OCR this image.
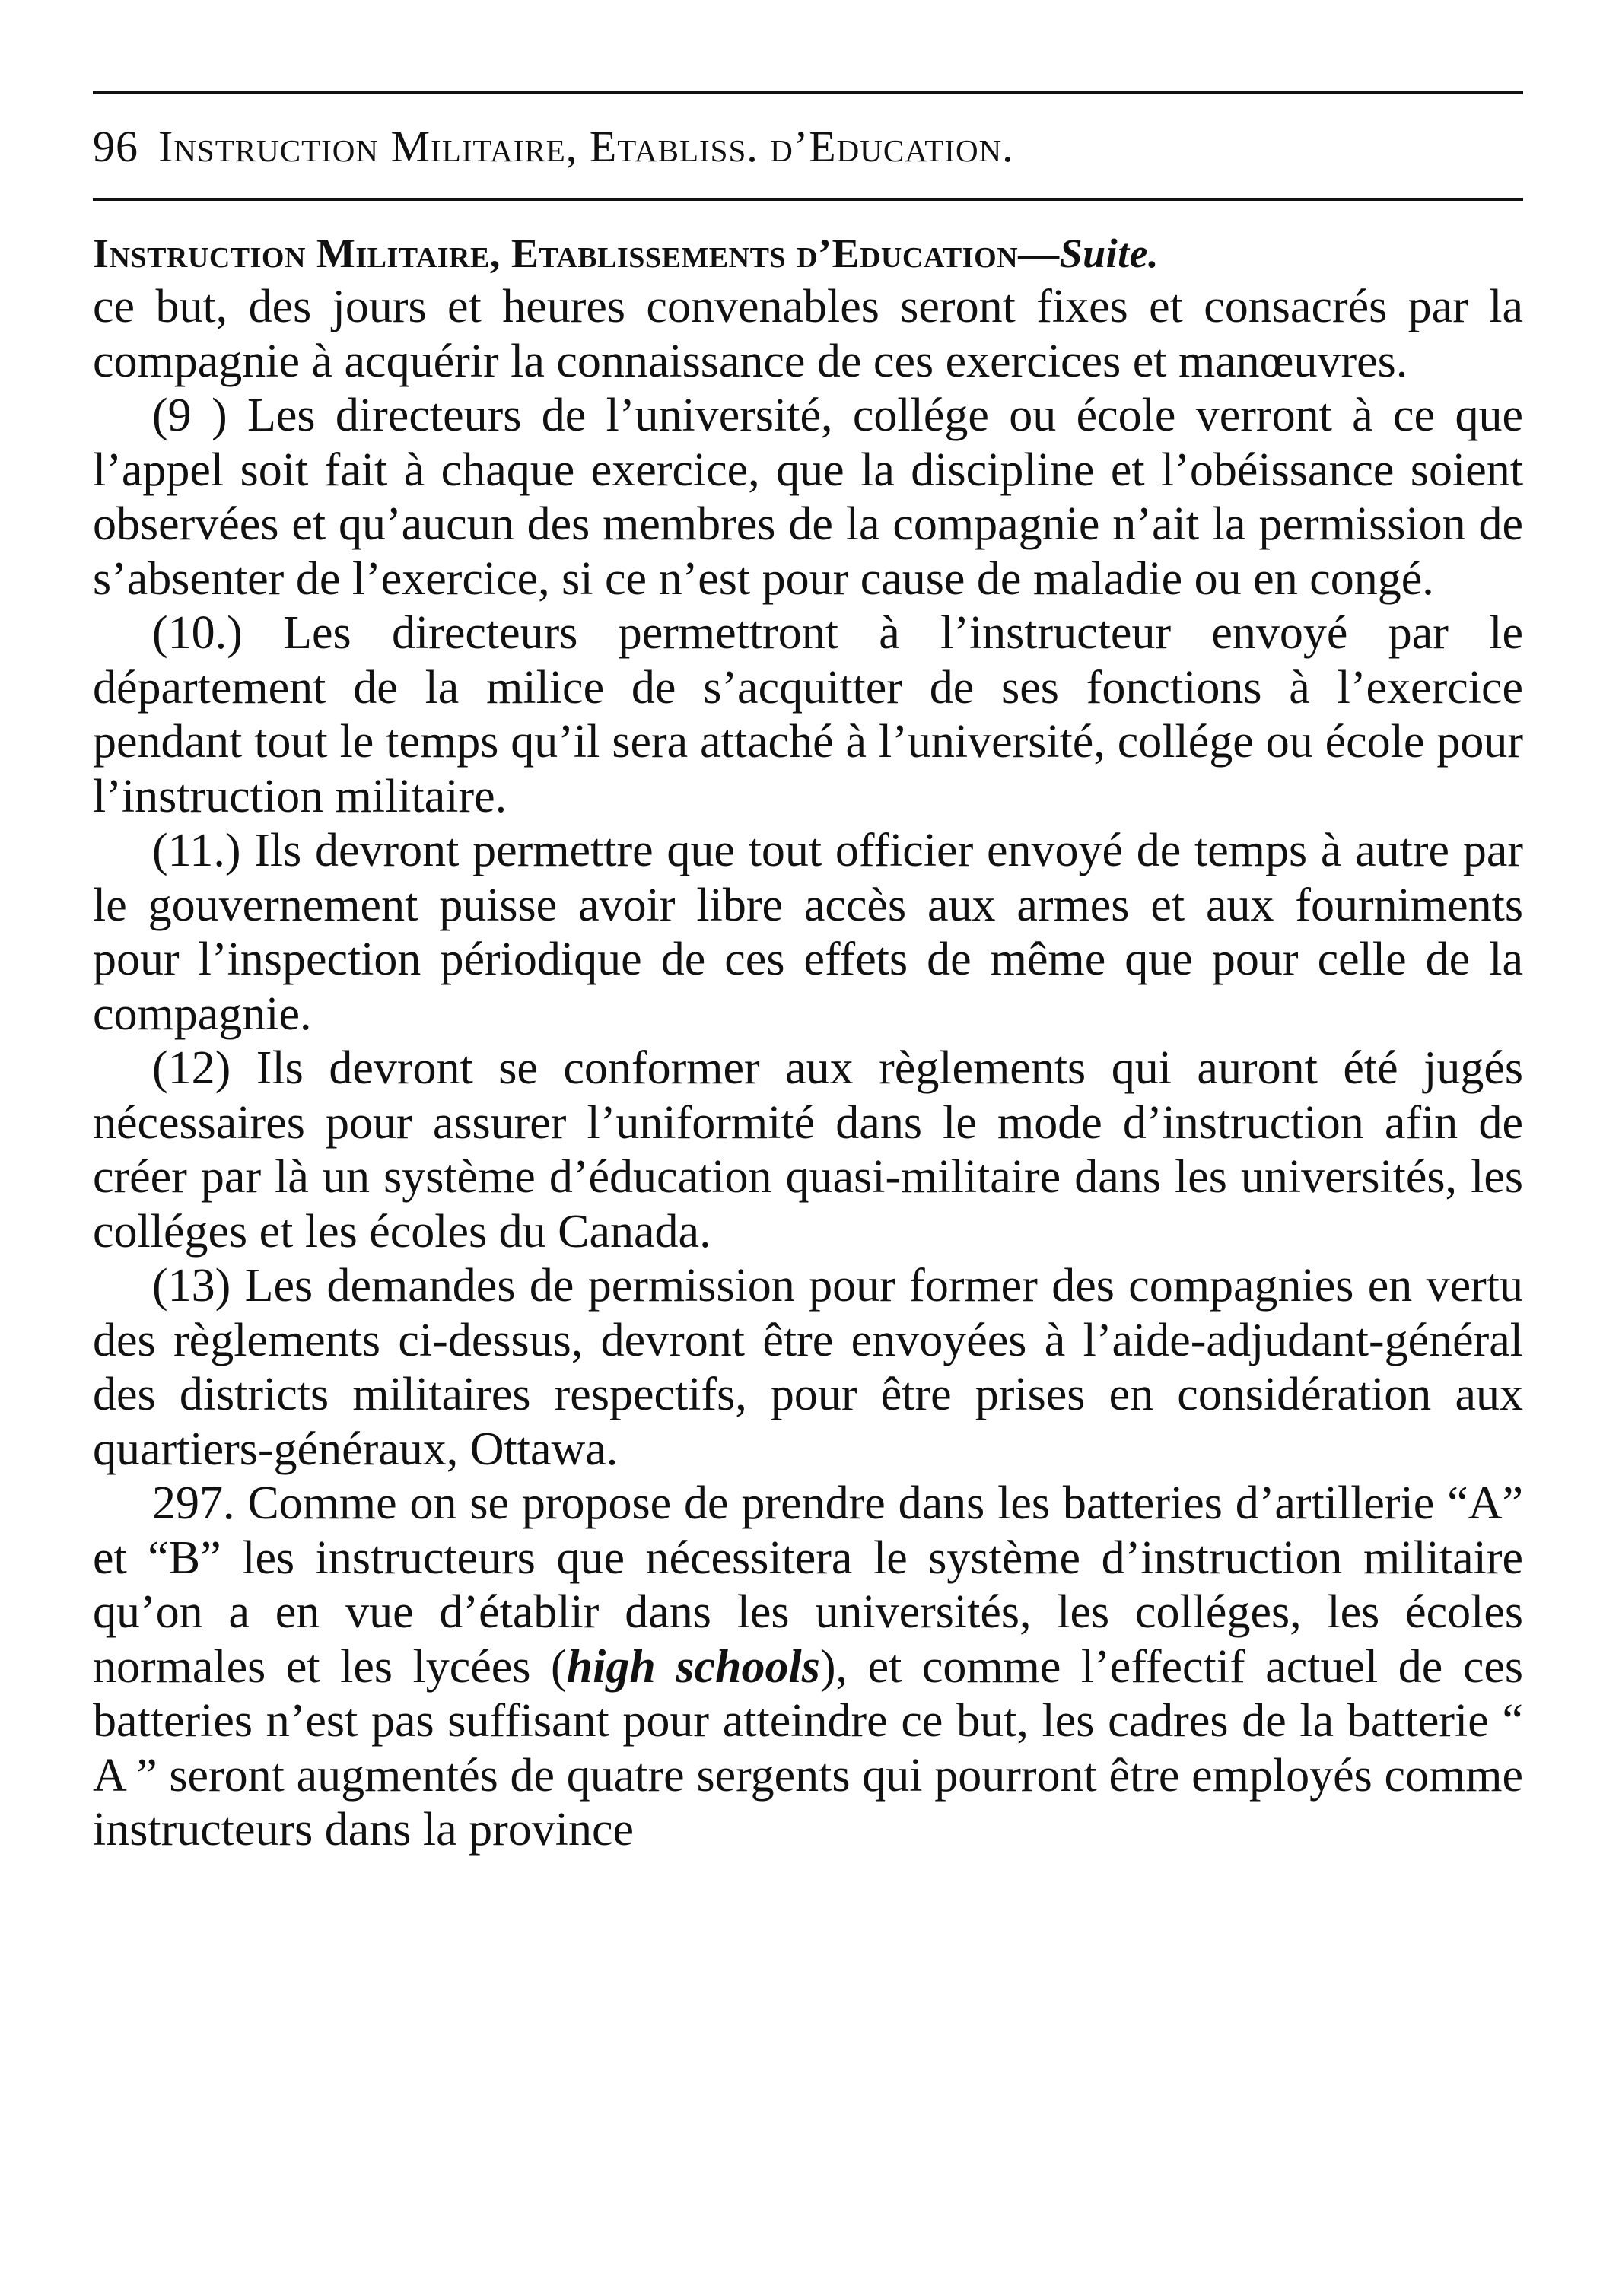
96 Instruction Militaire, Etabliss. d’Education.
Instruction Militaire, Etablissements d’Education—Suite.

ce but, des jours et heures convenables seront fixes et consacrés par la compagnie à acquérir la connaissance de ces exercices et manœuvres.

(9 ) Les directeurs de l’université, collége ou école verront à ce que l’appel soit fait à chaque exercice, que la discipline et l’obéissance soient observées et qu’aucun des membres de la compagnie n’ait la permission de s’absenter de l’exercice, si ce n’est pour cause de maladie ou en congé.

(10.) Les directeurs permettront à l’instructeur envoyé par le département de la milice de s’acquitter de ses fonctions à l’exercice pendant tout le temps qu’il sera attaché à l’université, collége ou école pour l’instruction militaire.

(11.) Ils devront permettre que tout officier envoyé de temps à autre par le gouvernement puisse avoir libre accès aux armes et aux fourniments pour l’inspection périodique de ces effets de même que pour celle de la compagnie.

(12) Ils devront se conformer aux règlements qui auront été jugés nécessaires pour assurer l’uniformité dans le mode d’instruction afin de créer par là un système d’éducation quasi-militaire dans les universités, les colléges et les écoles du Canada.

(13) Les demandes de permission pour former des compagnies en vertu des règlements ci-dessus, devront être envoyées à l’aide-adjudant-général des districts militaires respectifs, pour être prises en considération aux quartiers-généraux, Ottawa.

297. Comme on se propose de prendre dans les batteries d’artillerie “A” et “B” les instructeurs que nécessitera le système d’instruction militaire qu’on a en vue d’établir dans les universités, les colléges, les écoles normales et les lycées (high schools), et comme l’effectif actuel de ces batteries n’est pas suffisant pour atteindre ce but, les cadres de la batterie “ A ” seront augmentés de quatre sergents qui pourront être employés comme instructeurs dans la province
